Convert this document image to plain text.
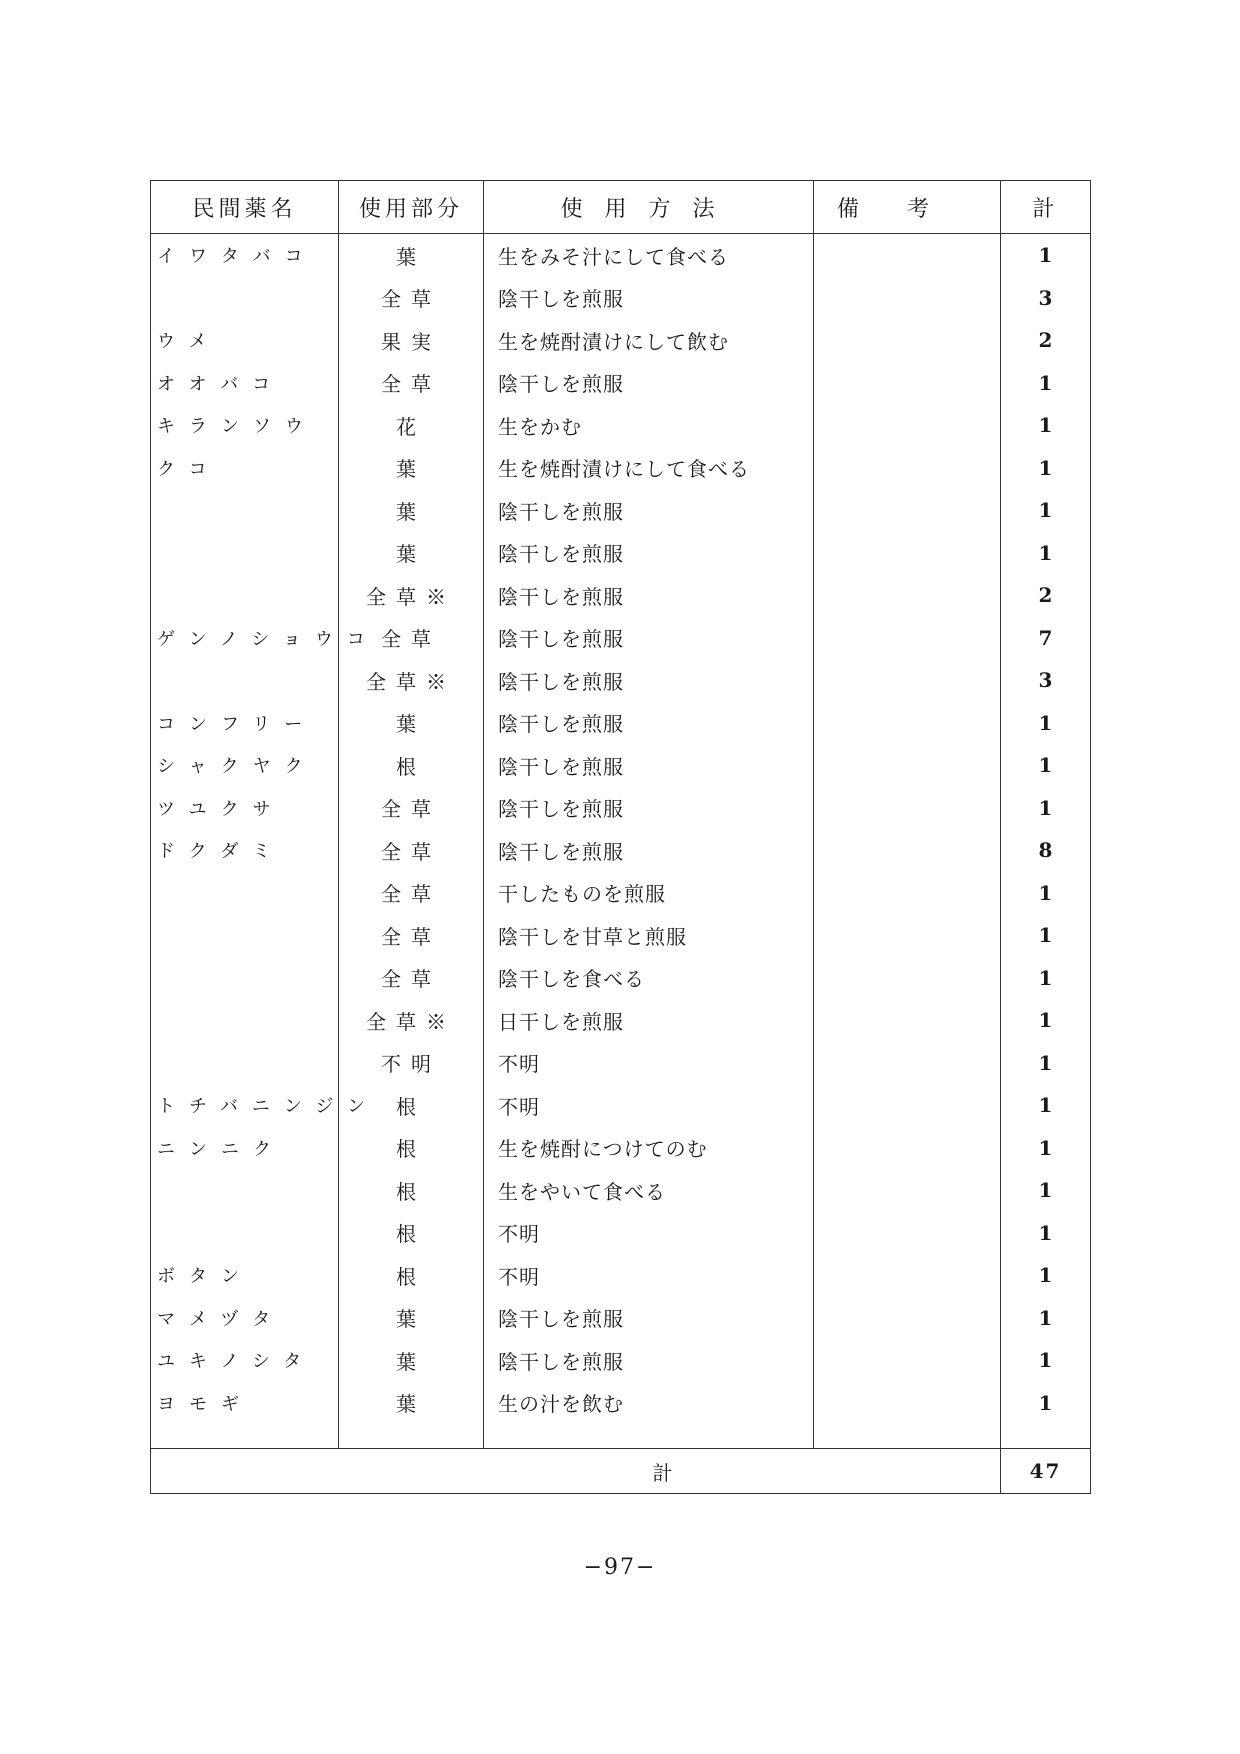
民間薬名	使用部分	使用方法	備考	計
イワタバコ	葉	生をみそ汁にして食べる		1
	全草	陰干しを煎服		3
ウメ	果実	生を焼酎漬けにして飲む		2
オオバコ	全草	陰干しを煎服		1
キランソウ	花	生をかむ		1
クコ	葉	生を焼酎漬けにして食べる		1
	葉	陰干しを煎服		1
	葉	陰干しを煎服		1
	全草※	陰干しを煎服		2
ゲンノショウコ	全草	陰干しを煎服		7
	全草※	陰干しを煎服		3
コンフリー	葉	陰干しを煎服		1
シャクヤク	根	陰干しを煎服		1
ツユクサ	全草	陰干しを煎服		1
ドクダミ	全草	陰干しを煎服		8
	全草	干したものを煎服		1
	全草	陰干しを甘草と煎服		1
	全草	陰干しを食べる		1
	全草※	日干しを煎服		1
	不明	不明		1
トチバニンジン	根	不明		1
ニンニク	根	生を焼酎につけてのむ		1
	根	生をやいて食べる		1
	根	不明		1
ボタン	根	不明		1
マメヅタ	葉	陰干しを煎服		1
ユキノシタ	葉	陰干しを煎服		1
ヨモギ	葉	生の汁を飲む		1

計				47
−97−
